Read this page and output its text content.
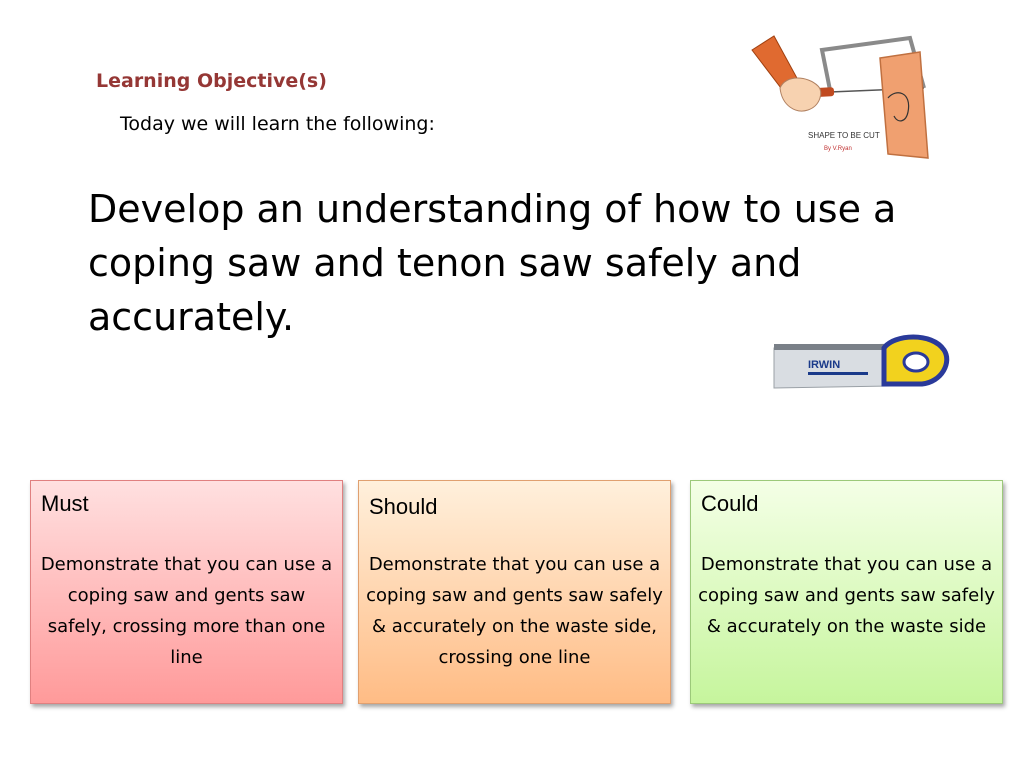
Learning Objective(s)
Today we will learn the following:
Develop an understanding of how to use a coping saw and tenon saw safely and accurately.
SHAPE TO BE CUT
By V.Ryan
IRWIN
Must
Demonstrate that you can use a coping saw and gents saw safely, crossing more than one line
Should
Demonstrate that you can use a coping saw and gents saw safely & accurately on the waste side, crossing one line
Could
Demonstrate that you can use a coping saw and gents saw safely & accurately on the waste side
